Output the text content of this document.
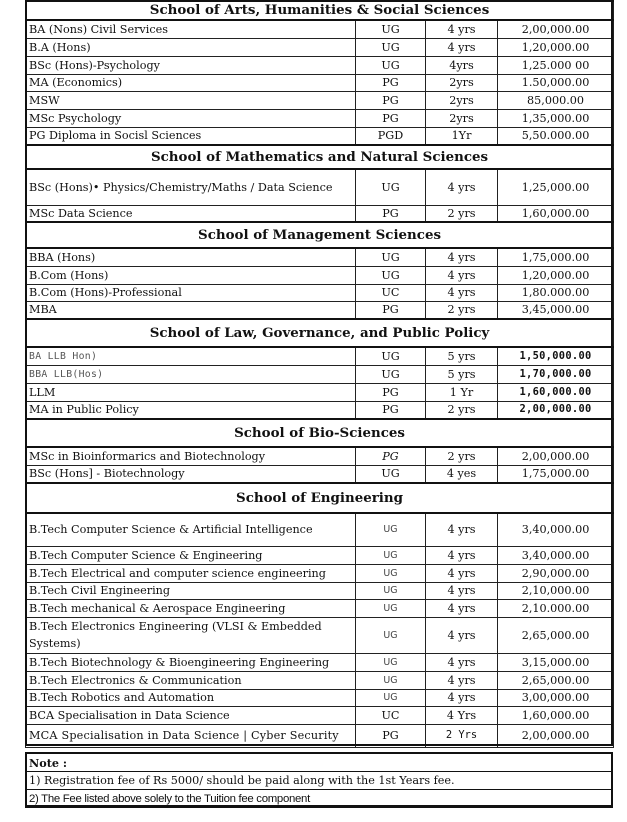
School of Arts, Humanities & Social Sciences			
BA (Nons) Civil Services	UG	4 yrs	2,00,000.00
B.A (Hons)	UG	4 yrs	1,20,000.00
BSc (Hons)-Psychology	UG	4yrs	1,25.000 00
MA (Economics)	PG	2yrs	1.50,000.00
MSW	PG	2yrs	85,000.00
MSc Psychology	PG	2yrs	1,35,000.00
PG Diploma in Socisl Sciences	PGD	1Yr	5,50.000.00
School of Mathematics and Natural Sciences			
BSc (Hons)• Physics/Chemistry/Maths / Data Science	UG	4 yrs	1,25,000.00
MSc Data Science	PG	2 yrs	1,60,000.00
School of Management Sciences			
BBA (Hons)	UG	4 yrs	1,75,000.00
B.Com (Hons)	UG	4 yrs	1,20,000.00
B.Com (Hons)-Professional	UC	4 yrs	1,80.000.00
MBA	PG	2 yrs	3,45,000.00
School of Law, Governance, and Public Policy			
BA LLB Hon)	UG	5 yrs	1,50,000.00
BBA LLB(Hos)	UG	5 yrs	1,70,000.00
LLM	PG	1 Yr	1,60,000.00
MA in Public Policy	PG	2 yrs	2,00,000.00
School of Bio-Sciences			
MSc in Bioinformarics and Biotechnology	PG	2 yrs	2,00,000.00
BSc (Hons] - Biotechnology	UG	4 yes	1,75,000.00
School of Engineering			
B.Tech Computer Science & Artificial Intelligence	UG	4 yrs	3,40,000.00
B.Tech Computer Science & Engineering	UG	4 yrs	3,40,000.00
B.Tech Electrical and computer science engineering	UG	4 yrs	2,90,000.00
B.Tech Civil Engineering	UG	4 yrs	2,10,000.00
B.Tech mechanical & Aerospace Engineering	UG	4 yrs	2,10.000.00
B.Tech Electronics Engineering (VLSI & Embedded Systems)	UG	4 yrs	2,65,000.00
B.Tech Biotechnology & Bioengineering Engineering	UG	4 yrs	3,15,000.00
B.Tech Electronics & Communication	UG	4 yrs	2,65,000.00
B.Tech Robotics and Automation	UG	4 yrs	3,00,000.00
BCA Specialisation in Data Science	UC	4 Yrs	1,60,000.00
MCA Specialisation in Data Science | Cyber Security	PG	2 Yrs	2,00,000.00
Note :
1) Registration fee of Rs 5000/ should be paid along with the 1st Years fee.
2) The Fee listed above solely to the Tuition fee component
